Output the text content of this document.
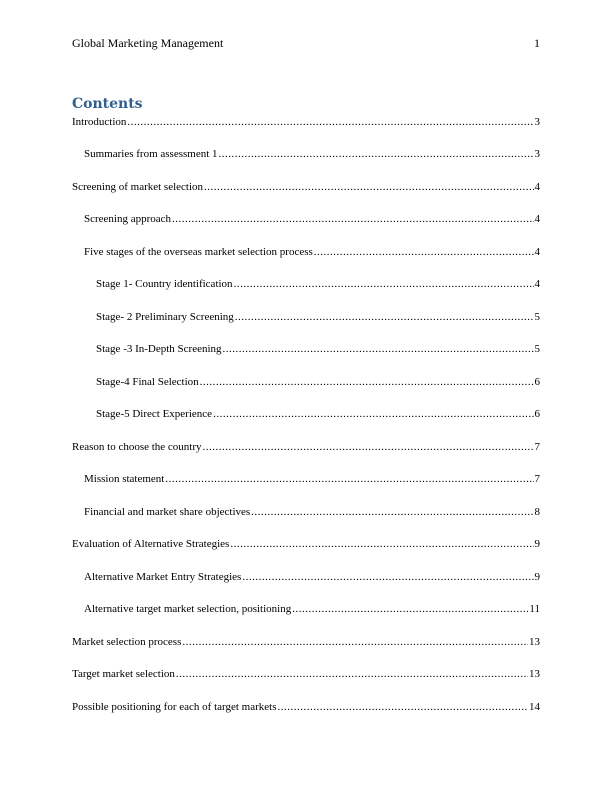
Global Marketing Management	1
Contents
Introduction .....	3
Summaries from assessment 1 .....	3
Screening of market selection .....	4
Screening approach .....	4
Five stages of the overseas market selection process .....	4
Stage 1- Country identification .....	4
Stage- 2 Preliminary Screening .....	5
Stage -3 In-Depth Screening .....	5
Stage-4 Final Selection .....	6
Stage-5 Direct Experience .....	6
Reason to choose the country .....	7
Mission statement .....	7
Financial and market share objectives .....	8
Evaluation of Alternative Strategies .....	9
Alternative Market Entry Strategies .....	9
Alternative target market selection, positioning .....	11
Market selection process .....	13
Target market selection .....	13
Possible positioning for each of target markets .....	14
